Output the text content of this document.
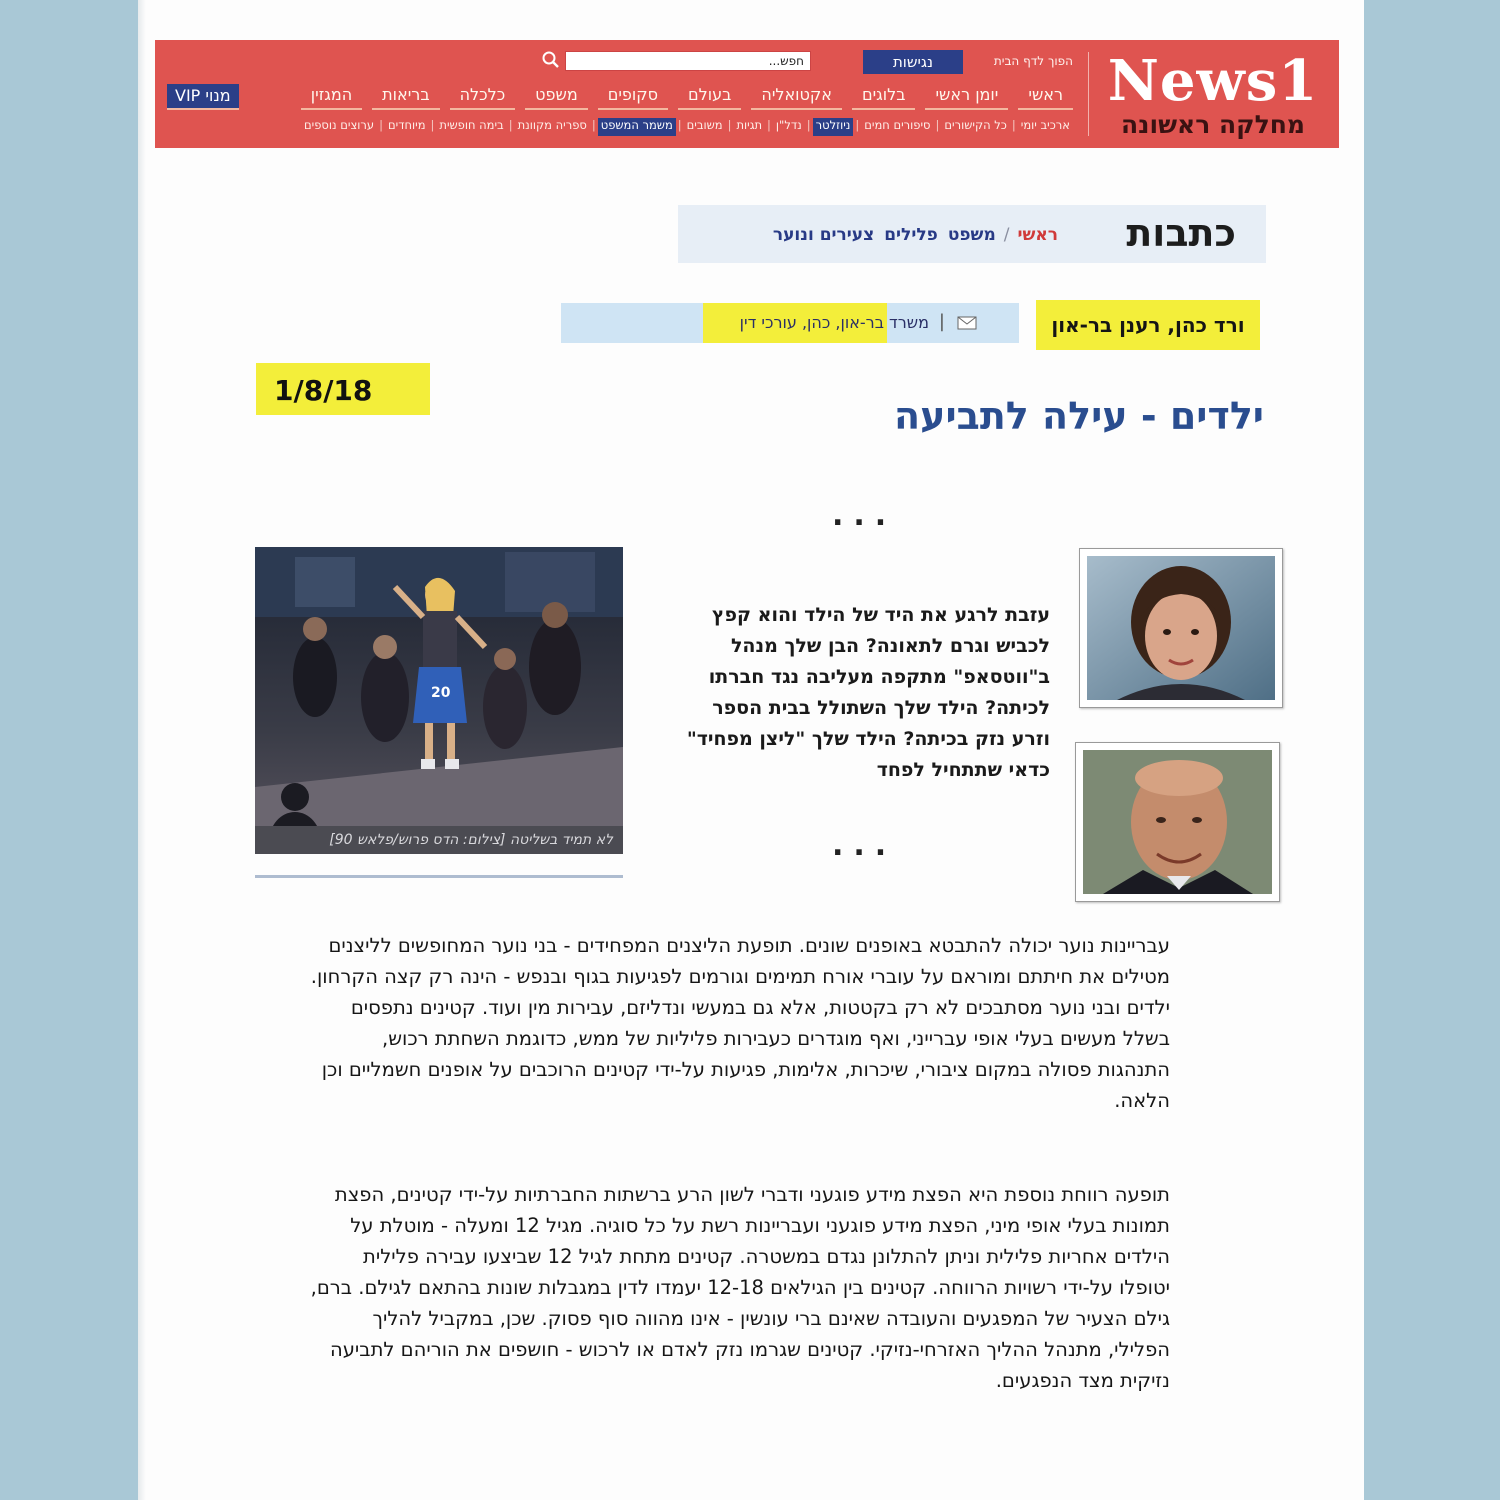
News1
מחלקה ראשונה
הפוך לדף הבית
נגישות
חפש...
ראשי
יומן ראשי
בלוגים
אקטואליה
בעולם
סקופים
משפט
כלכלה
בריאות
המגזין
מנוי VIP
ארכיב יומי
|
כל הקישורים
|
סיפורים חמים
|
ניוזלטר
|
נדל"ן
|
תגיות
|
משובים
|
משמר המשפט
|
ספריה מקוונת
|
בימה חופשית
|
מיוחדים
|
ערוצים נוספים
כתבות
ראשי/משפטפליליםצעירים ונוער
ורד כהן, רענן בר-און
|
משרד בר-און, כהן, עורכי דין
1/8/18
ילדים - עילה לתביעה
...
20
לא תמיד בשליטה [צילום: הדס פרוש/פלאש 90]
עזבת לרגע את היד של הילד והוא קפץ לכביש וגרם לתאונה? הבן שלך מנהל ב"ווטסאפ" מתקפה מעליבה נגד חברתו לכיתה? הילד שלך השתולל בבית הספר וזרע נזק בכיתה? הילד שלך "ליצן מפחיד" כדאי שתתחיל לפחד
...
עבריינות נוער יכולה להתבטא באופנים שונים. תופעת הליצנים המפחידים - בני נוער המחופשים לליצנים מטילים את חיתתם ומוראם על עוברי אורח תמימים וגורמים לפגיעות בגוף ובנפש - הינה רק קצה הקרחון. ילדים ובני נוער מסתבכים לא רק בקטטות, אלא גם במעשי ונדליזם, עבירות מין ועוד. קטינים נתפסים בשלל מעשים בעלי אופי עברייני, ואף מוגדרים כעבירות פליליות של ממש, כדוגמת השחתת רכוש, התנהגות פסולה במקום ציבורי, שיכרות, אלימות, פגיעות על-ידי קטינים הרוכבים על אופנים חשמליים וכן הלאה.
תופעה רווחת נוספת היא הפצת מידע פוגעני ודברי לשון הרע ברשתות החברתיות על-ידי קטינים, הפצת תמונות בעלי אופי מיני, הפצת מידע פוגעני ועבריינות רשת על כל סוגיה. מגיל 12 ומעלה - מוטלת על הילדים אחריות פלילית וניתן להתלונן נגדם במשטרה. קטינים מתחת לגיל 12 שביצעו עבירה פלילית יטופלו על-ידי רשויות הרווחה. קטינים בין הגילאים 12-18 יעמדו לדין במגבלות שונות בהתאם לגילם. ברם, גילם הצעיר של המפגעים והעובדה שאינם ברי עונשין - אינו מהווה סוף פסוק. שכן, במקביל להליך הפלילי, מתנהל ההליך האזרחי-נזיקי. קטינים שגרמו נזק לאדם או לרכוש - חושפים את הוריהם לתביעה נזיקית מצד הנפגעים.
